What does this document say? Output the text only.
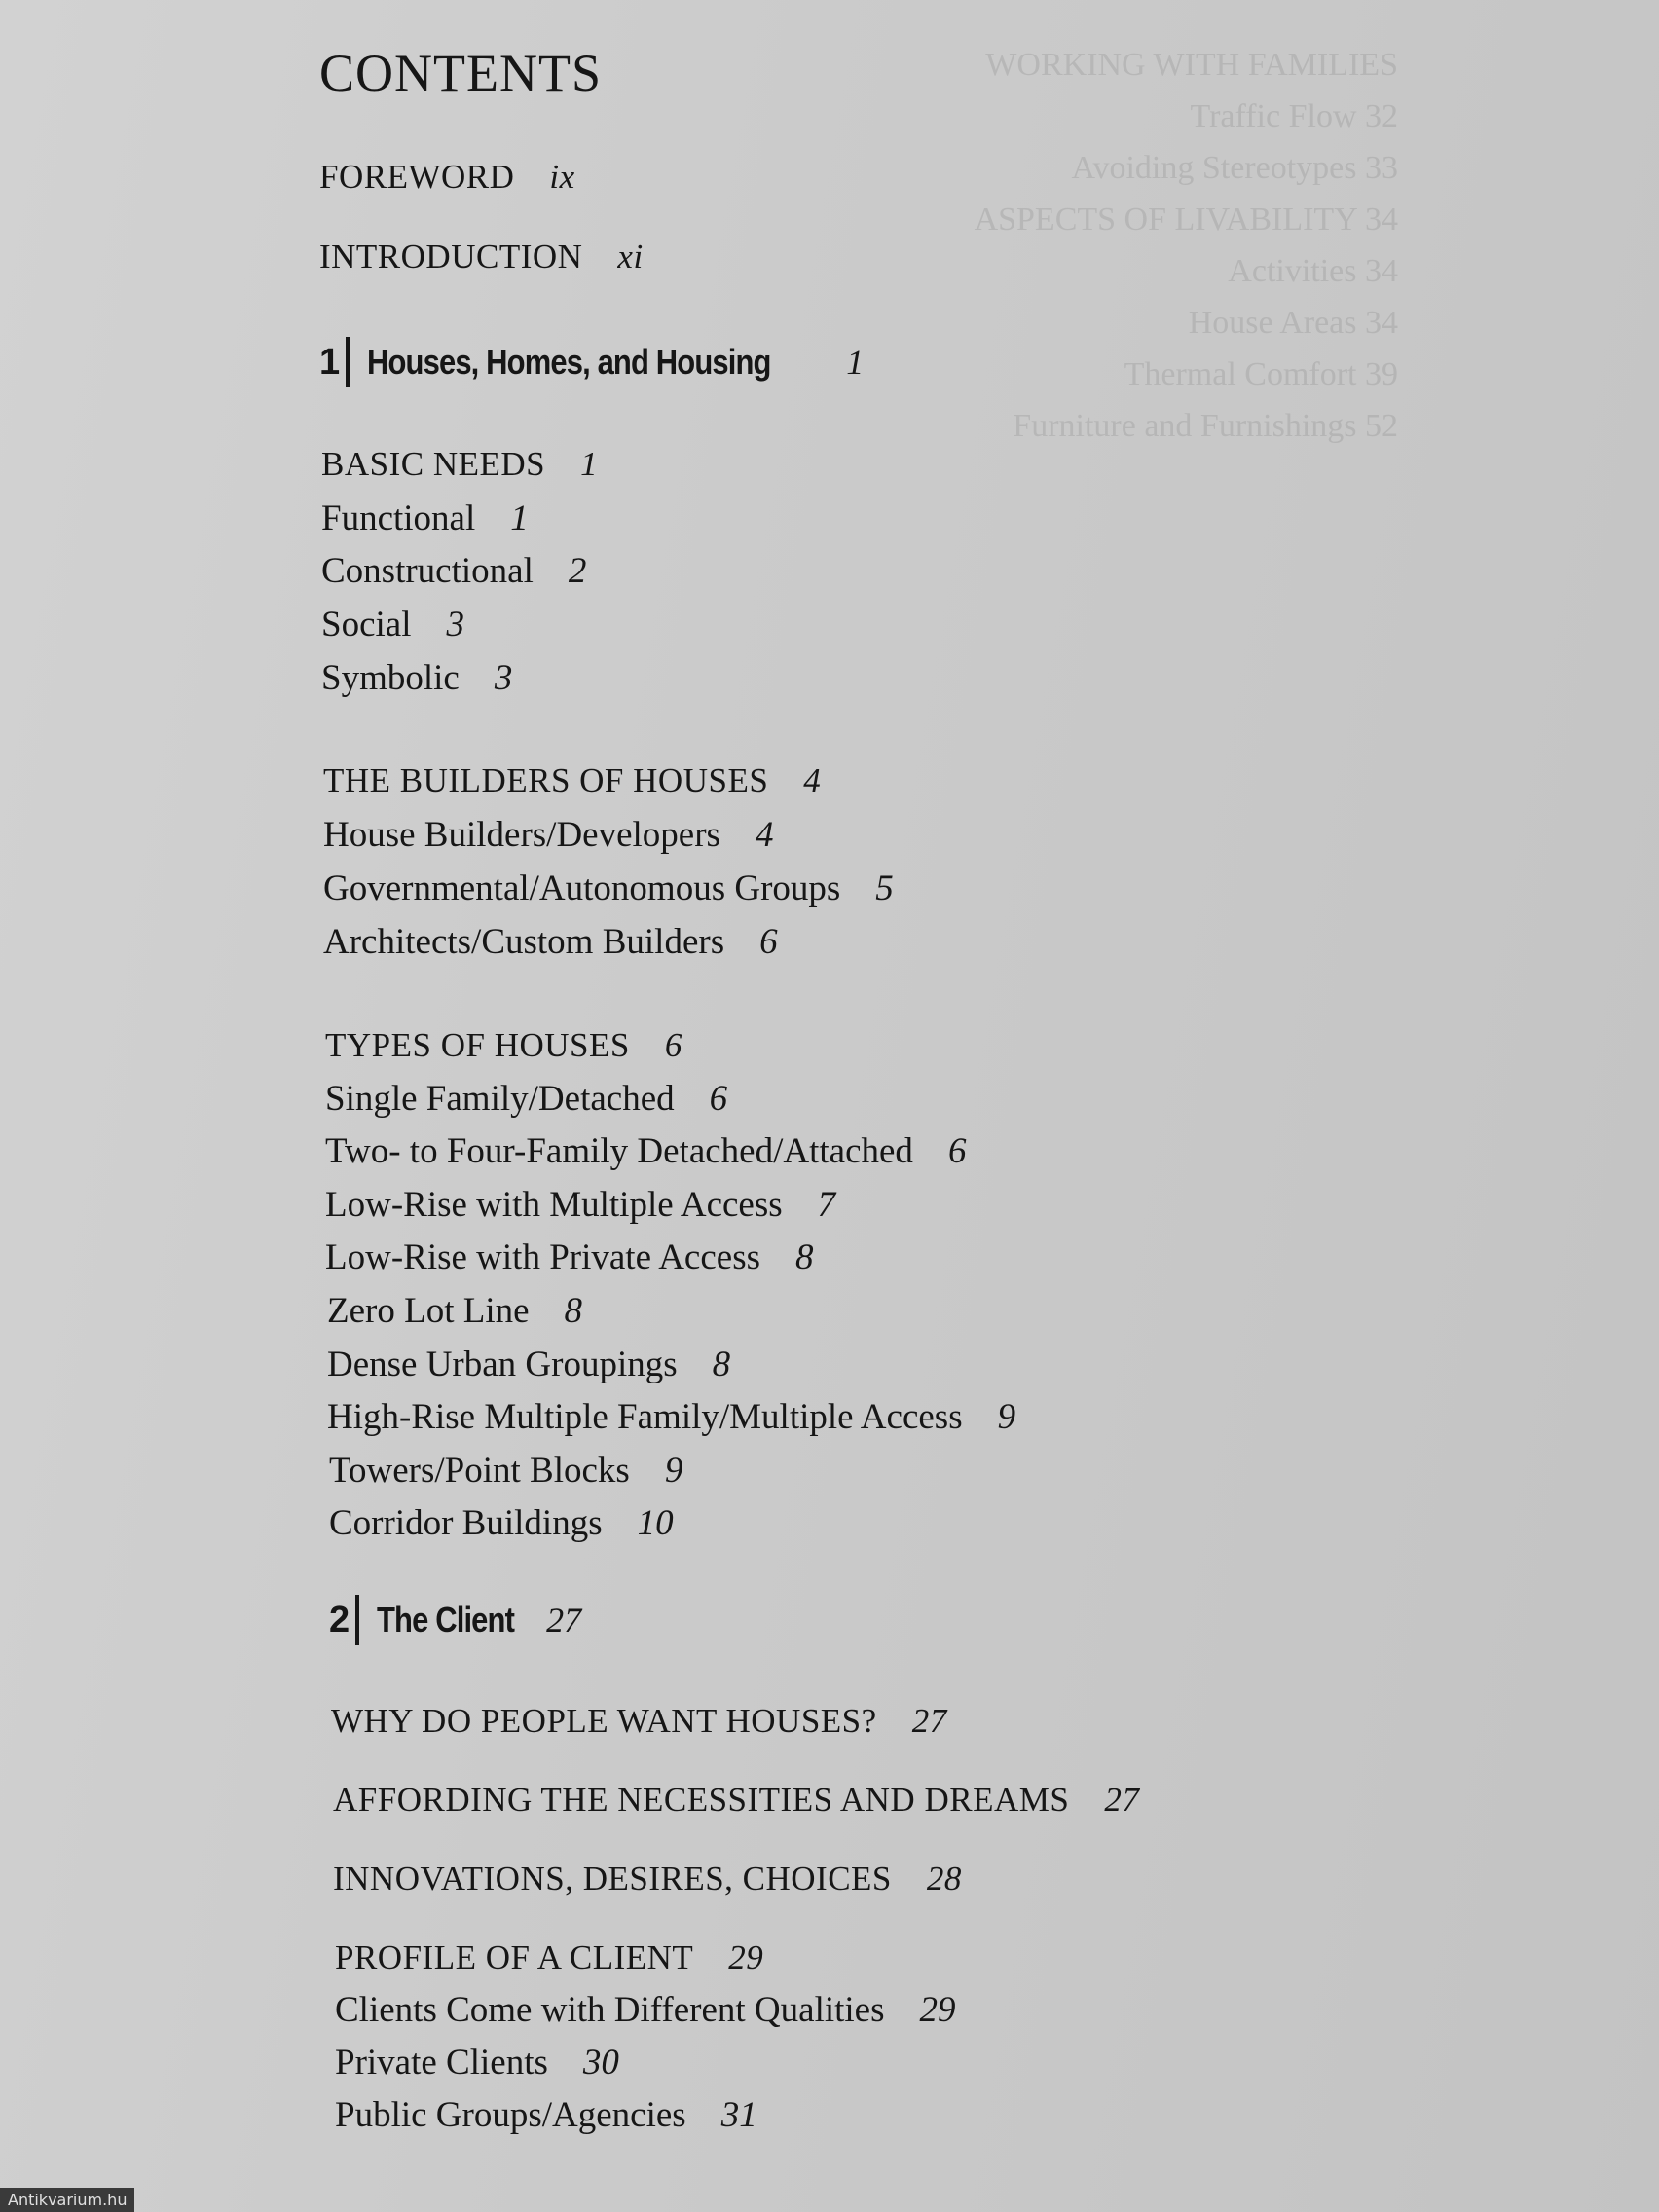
WORKING WITH FAMILIES
Traffic Flow 32
Avoiding Stereotypes 33
ASPECTS OF LIVABILITY 34
Activities 34
House Areas 34
Thermal Comfort 39
Furniture and Furnishings 52
CONTENTS
FOREWORD ix
INTRODUCTION xi
1 Houses, Homes, and Housing 1
BASIC NEEDS 1
Functional 1
Constructional 2
Social 3
Symbolic 3
THE BUILDERS OF HOUSES 4
House Builders/Developers 4
Governmental/Autonomous Groups 5
Architects/Custom Builders 6
TYPES OF HOUSES 6
Single Family/Detached 6
Two- to Four-Family Detached/Attached 6
Low-Rise with Multiple Access 7
Low-Rise with Private Access 8
Zero Lot Line 8
Dense Urban Groupings 8
High-Rise Multiple Family/Multiple Access 9
Towers/Point Blocks 9
Corridor Buildings 10
2 The Client 27
WHY DO PEOPLE WANT HOUSES? 27
AFFORDING THE NECESSITIES AND DREAMS 27
INNOVATIONS, DESIRES, CHOICES 28
PROFILE OF A CLIENT 29
Clients Come with Different Qualities 29
Private Clients 30
Public Groups/Agencies 31
Antikvarium.hu
